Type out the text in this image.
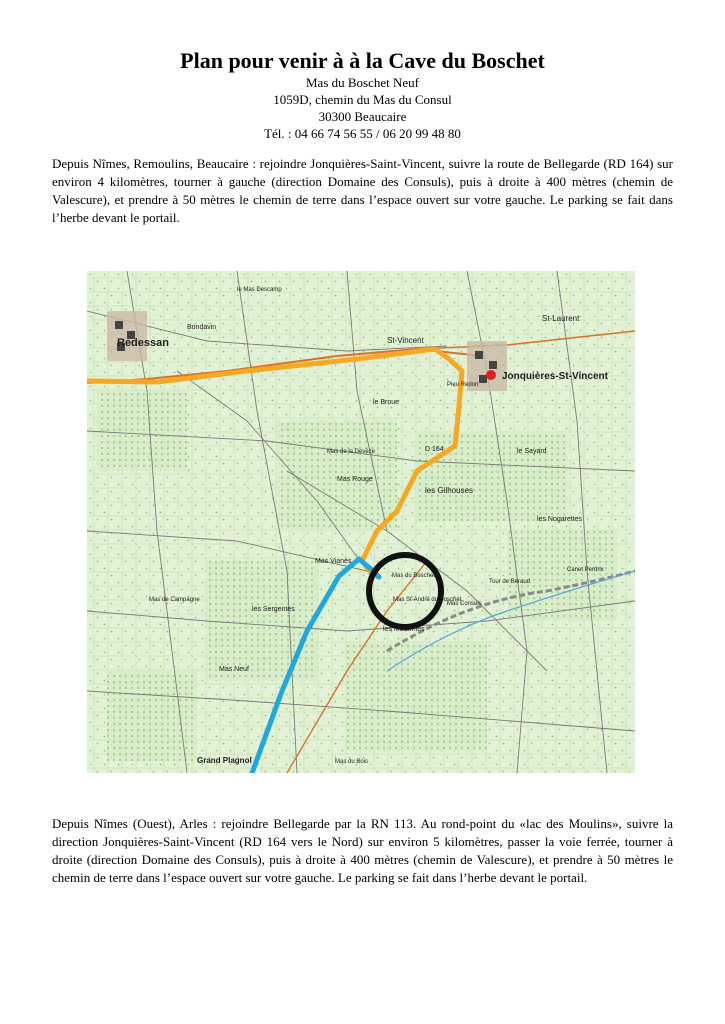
Plan pour venir à à la Cave du Boschet
Mas du Boschet Neuf
1059D, chemin du Mas du Consul
30300 Beaucaire
Tél. : 04 66 74 56 55 / 06 20 99 48 80

Depuis Nîmes, Remoulins, Beaucaire : rejoindre Jonquières-Saint-Vincent, suivre la route de Bellegarde (RD 164) sur environ 4 kilomètres, tourner à gauche (direction Domaine des Consuls), puis à droite à 400 mètres (chemin de Valescure), et prendre à 50 mètres le chemin de terre dans l’espace ouvert sur votre gauche. Le parking se fait dans l’herbe devant le portail.

Redessan
Jonquières-St-Vincent
St-Vincent
St-Laurent
Mas du Boschet
Mas St-André du Boschet
Mas Vianès
Mas Consuls
Mas Rouge
les Sergentes
Grand Plagnol
les Gilhouses
Mas du Bois
les Nogarettes
le Broue
Mas de la Devèze
Mas Neuf
Mas de Campagne
les Matannes
Bondavin
le Mas Descamp
Tour de Béraud
Canet Perdrix
le Sayard
Pieu Redon
D 164

Depuis Nîmes (Ouest), Arles : rejoindre Bellegarde par la RN 113. Au rond-point du «lac des Moulins», suivre la direction Jonquières-Saint-Vincent (RD 164 vers le Nord) sur environ 5 kilomètres, passer la voie ferrée, tourner à droite (direction Domaine des Consuls), puis à droite à 400 mètres (chemin de Valescure), et prendre à 50 mètres le chemin de terre dans l’espace ouvert sur votre gauche. Le parking se fait dans l’herbe devant le portail.
